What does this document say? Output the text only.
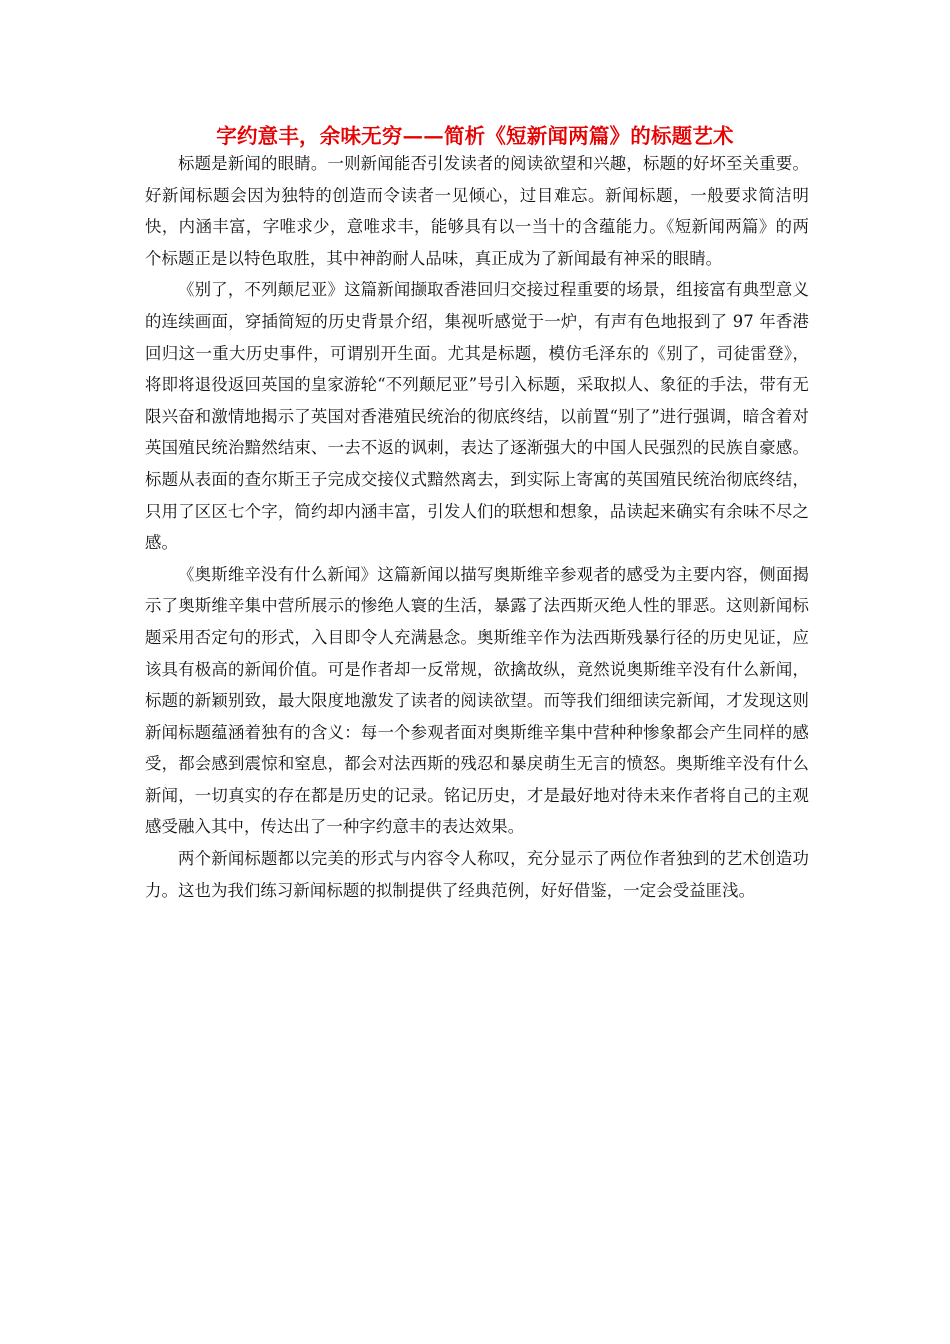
字约意丰，余味无穷——简析《短新闻两篇》的标题艺术

标题是新闻的眼睛。一则新闻能否引发读者的阅读欲望和兴趣，标题的好坏至关重要。好新闻标题会因为独特的创造而令读者一见倾心，过目难忘。新闻标题，一般要求简洁明快，内涵丰富，字唯求少，意唯求丰，能够具有以一当十的含蕴能力。《短新闻两篇》的两个标题正是以特色取胜，其中神韵耐人品味，真正成为了新闻最有神采的眼睛。

《别了，不列颠尼亚》这篇新闻撷取香港回归交接过程重要的场景，组接富有典型意义的连续画面，穿插简短的历史背景介绍，集视听感觉于一炉，有声有色地报到了 97 年香港回归这一重大历史事件，可谓别开生面。尤其是标题，模仿毛泽东的《别了，司徒雷登》，将即将退役返回英国的皇家游轮“不列颠尼亚”号引入标题，采取拟人、象征的手法，带有无限兴奋和激情地揭示了英国对香港殖民统治的彻底终结，以前置“别了”进行强调，暗含着对英国殖民统治黯然结束、一去不返的讽刺，表达了逐渐强大的中国人民强烈的民族自豪感。标题从表面的查尔斯王子完成交接仪式黯然离去，到实际上寄寓的英国殖民统治彻底终结，只用了区区七个字，简约却内涵丰富，引发人们的联想和想象，品读起来确实有余味不尽之感。

《奥斯维辛没有什么新闻》这篇新闻以描写奥斯维辛参观者的感受为主要内容，侧面揭示了奥斯维辛集中营所展示的惨绝人寰的生活，暴露了法西斯灭绝人性的罪恶。这则新闻标题采用否定句的形式，入目即令人充满悬念。奥斯维辛作为法西斯残暴行径的历史见证，应该具有极高的新闻价值。可是作者却一反常规，欲擒故纵，竟然说奥斯维辛没有什么新闻，标题的新颖别致，最大限度地激发了读者的阅读欲望。而等我们细细读完新闻，才发现这则新闻标题蕴涵着独有的含义：每一个参观者面对奥斯维辛集中营种种惨象都会产生同样的感受，都会感到震惊和窒息，都会对法西斯的残忍和暴戾萌生无言的愤怒。奥斯维辛没有什么新闻，一切真实的存在都是历史的记录。铭记历史，才是最好地对待未来作者将自己的主观感受融入其中，传达出了一种字约意丰的表达效果。

两个新闻标题都以完美的形式与内容令人称叹，充分显示了两位作者独到的艺术创造功力。这也为我们练习新闻标题的拟制提供了经典范例，好好借鉴，一定会受益匪浅。
